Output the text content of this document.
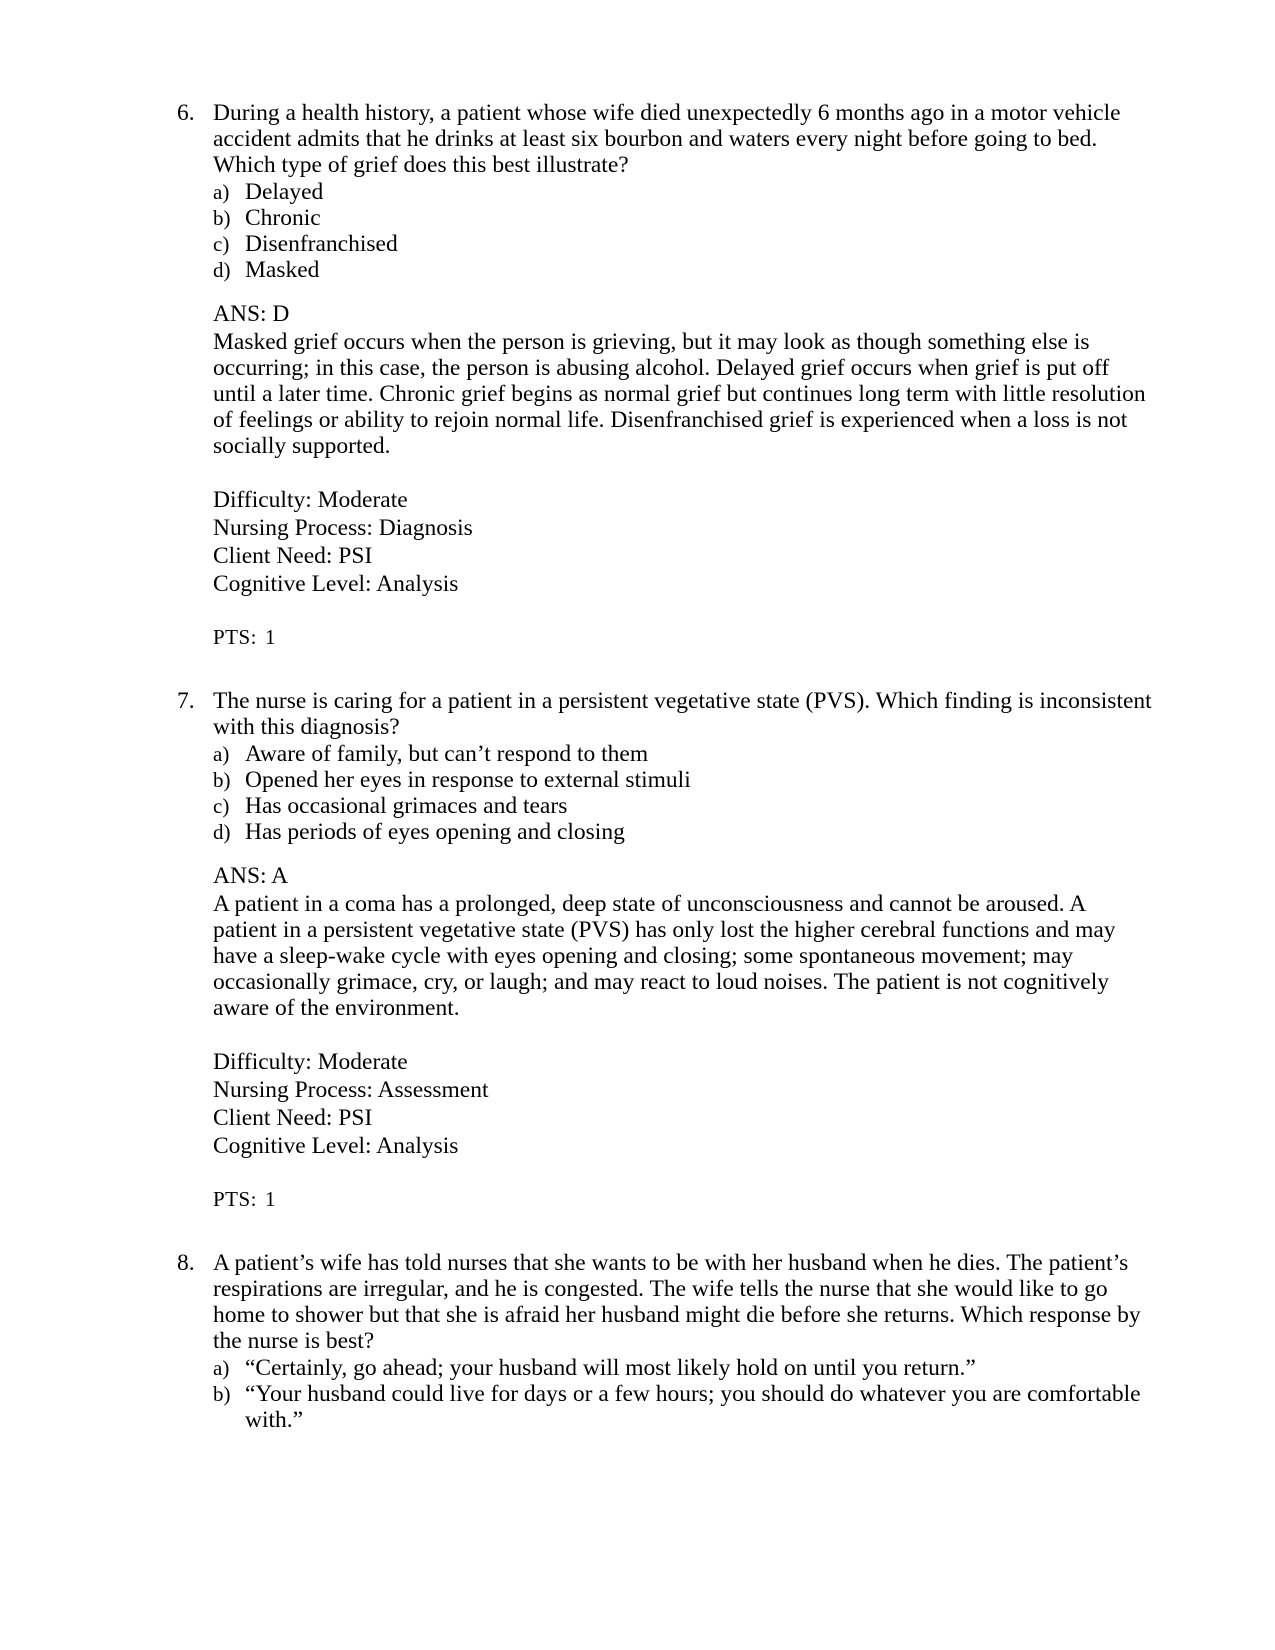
6. During a health history, a patient whose wife died unexpectedly 6 months ago in a motor vehicle accident admits that he drinks at least six bourbon and waters every night before going to bed. Which type of grief does this best illustrate?

a) Delayed
b) Chronic
c) Disenfranchised
d) Masked
ANS: D

Masked grief occurs when the person is grieving, but it may look as though something else is occurring; in this case, the person is abusing alcohol. Delayed grief occurs when grief is put off until a later time. Chronic grief begins as normal grief but continues long term with little resolution of feelings or ability to rejoin normal life. Disenfranchised grief is experienced when a loss is not socially supported.

Difficulty: Moderate
Nursing Process: Diagnosis
Client Need: PSI
Cognitive Level: Analysis
PTS: 1
7. The nurse is caring for a patient in a persistent vegetative state (PVS). Which finding is inconsistent with this diagnosis?

a) Aware of family, but can’t respond to them
b) Opened her eyes in response to external stimuli
c) Has occasional grimaces and tears
d) Has periods of eyes opening and closing
ANS: A

A patient in a coma has a prolonged, deep state of unconsciousness and cannot be aroused. A patient in a persistent vegetative state (PVS) has only lost the higher cerebral functions and may have a sleep-wake cycle with eyes opening and closing; some spontaneous movement; may occasionally grimace, cry, or laugh; and may react to loud noises. The patient is not cognitively aware of the environment.

Difficulty: Moderate
Nursing Process: Assessment
Client Need: PSI
Cognitive Level: Analysis
PTS: 1
8. A patient’s wife has told nurses that she wants to be with her husband when he dies. The patient’s respirations are irregular, and he is congested. The wife tells the nurse that she would like to go home to shower but that she is afraid her husband might die before she returns. Which response by the nurse is best?

a) “Certainly, go ahead; your husband will most likely hold on until you return.”
b) “Your husband could live for days or a few hours; you should do whatever you are comfortable with.”
